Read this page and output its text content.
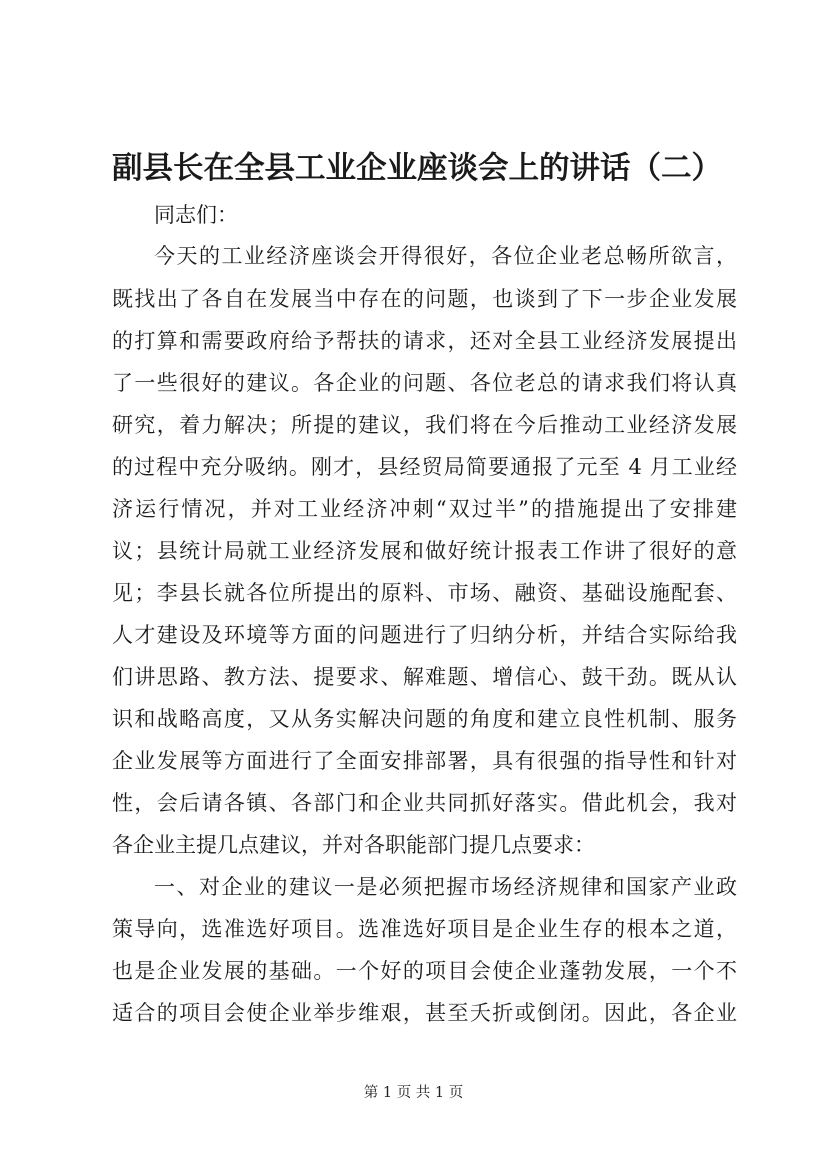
副县长在全县工业企业座谈会上的讲话（二）
同志们：
今天的工业经济座谈会开得很好，各位企业老总畅所欲言，
既找出了各自在发展当中存在的问题，也谈到了下一步企业发展
的打算和需要政府给予帮扶的请求，还对全县工业经济发展提出
了一些很好的建议。各企业的问题、各位老总的请求我们将认真
研究，着力解决；所提的建议，我们将在今后推动工业经济发展
的过程中充分吸纳。刚才，县经贸局简要通报了元至 4 月工业经
济运行情况，并对工业经济冲刺“双过半”的措施提出了安排建
议；县统计局就工业经济发展和做好统计报表工作讲了很好的意
见；李县长就各位所提出的原料、市场、融资、基础设施配套、
人才建设及环境等方面的问题进行了归纳分析，并结合实际给我
们讲思路、教方法、提要求、解难题、增信心、鼓干劲。既从认
识和战略高度，又从务实解决问题的角度和建立良性机制、服务
企业发展等方面进行了全面安排部署，具有很强的指导性和针对
性，会后请各镇、各部门和企业共同抓好落实。借此机会，我对
各企业主提几点建议，并对各职能部门提几点要求：
一、对企业的建议一是必须把握市场经济规律和国家产业政
策导向，选准选好项目。选准选好项目是企业生存的根本之道，
也是企业发展的基础。一个好的项目会使企业蓬勃发展，一个不
适合的项目会使企业举步维艰，甚至夭折或倒闭。因此，各企业
第 1 页 共 1 页
